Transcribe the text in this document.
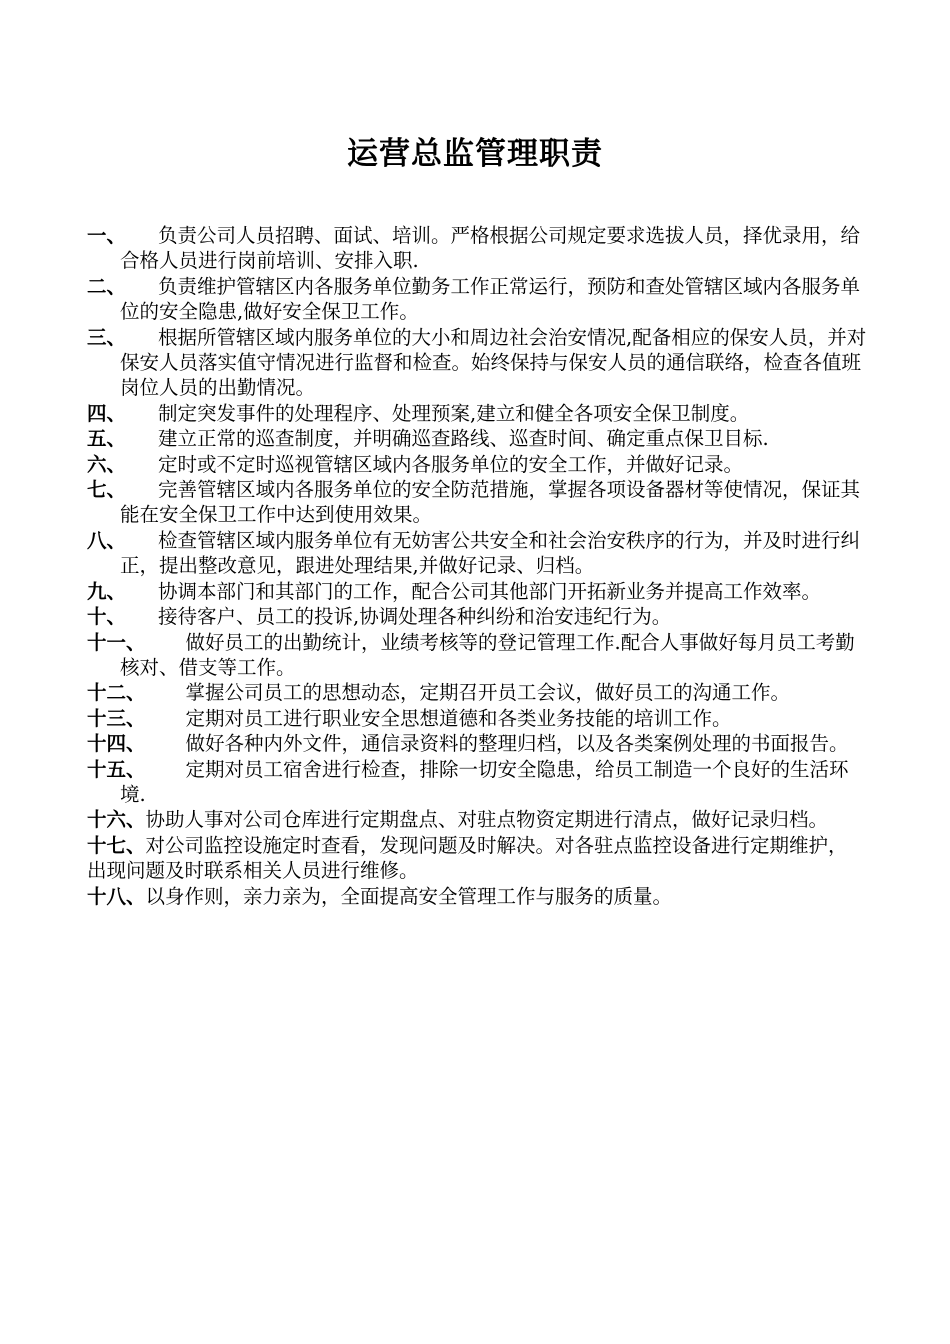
运营总监管理职责
一、 负责公司人员招聘、面试、培训。严格根据公司规定要求选拔人员，择优录用，给合格人员进行岗前培训、安排入职.
二、 负责维护管辖区内各服务单位勤务工作正常运行，预防和查处管辖区域内各服务单位的安全隐患,做好安全保卫工作。
三、 根据所管辖区域内服务单位的大小和周边社会治安情况,配备相应的保安人员，并对保安人员落实值守情况进行监督和检查。始终保持与保安人员的通信联络，检查各值班岗位人员的出勤情况。
四、 制定突发事件的处理程序、处理预案,建立和健全各项安全保卫制度。
五、 建立正常的巡查制度，并明确巡查路线、巡查时间、确定重点保卫目标.
六、 定时或不定时巡视管辖区域内各服务单位的安全工作，并做好记录。
七、 完善管辖区域内各服务单位的安全防范措施，掌握各项设备器材等使情况，保证其能在安全保卫工作中达到使用效果。
八、 检查管辖区域内服务单位有无妨害公共安全和社会治安秩序的行为，并及时进行纠正，提出整改意见，跟进处理结果,并做好记录、归档。
九、 协调本部门和其部门的工作，配合公司其他部门开拓新业务并提高工作效率。
十、 接待客户、员工的投诉,协调处理各种纠纷和治安违纪行为。
十一、 做好员工的出勤统计，业绩考核等的登记管理工作.配合人事做好每月员工考勤核对、借支等工作。
十二、 掌握公司员工的思想动态，定期召开员工会议，做好员工的沟通工作。
十三、 定期对员工进行职业安全思想道德和各类业务技能的培训工作。
十四、 做好各种内外文件，通信录资料的整理归档，以及各类案例处理的书面报告。
十五、 定期对员工宿舍进行检查，排除一切安全隐患，给员工制造一个良好的生活环境.
十六、协助人事对公司仓库进行定期盘点、对驻点物资定期进行清点，做好记录归档。
十七、对公司监控设施定时查看，发现问题及时解决。对各驻点监控设备进行定期维护，出现问题及时联系相关人员进行维修。
十八、以身作则，亲力亲为，全面提高安全管理工作与服务的质量。
